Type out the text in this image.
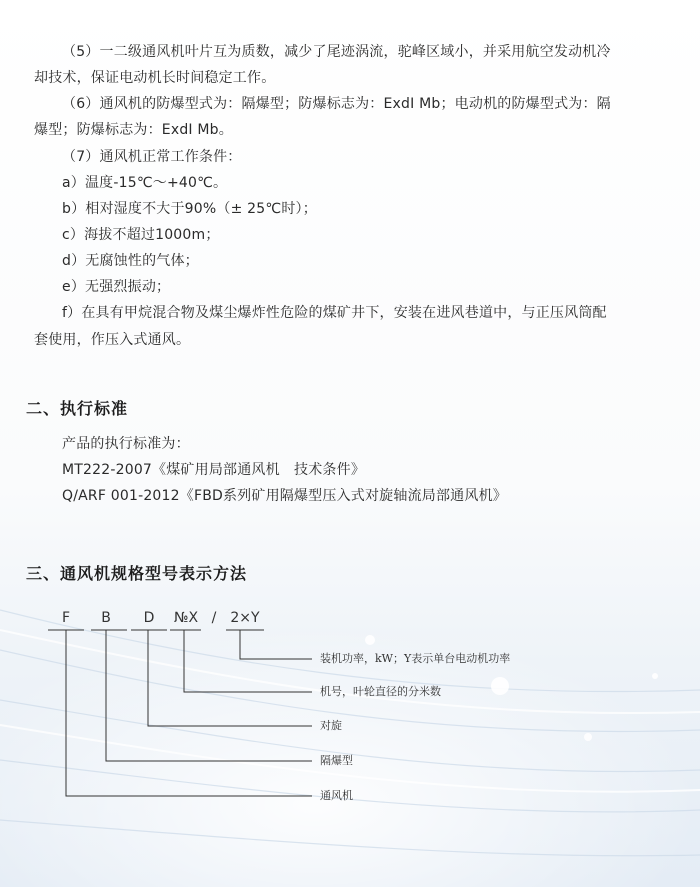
（5）一二级通风机叶片互为质数，减少了尾迹涡流，驼峰区域小，并采用航空发动机冷
却技术，保证电动机长时间稳定工作。
（6）通风机的防爆型式为：隔爆型；防爆标志为：ExdI Mb；电动机的防爆型式为：隔
爆型；防爆标志为：ExdI Mb。
（7）通风机正常工作条件：
a）温度-15℃～+40℃。
b）相对湿度不大于90%（± 25℃时）；
c）海拔不超过1000m；
d）无腐蚀性的气体；
e）无强烈振动；
f）在具有甲烷混合物及煤尘爆炸性危险的煤矿井下，安装在进风巷道中，与正压风筒配
套使用，作压入式通风。
二、执行标准
产品的执行标准为：
MT222-2007《煤矿用局部通风机　技术条件》
Q/ARF 001-2012《FBD系列矿用隔爆型压入式对旋轴流局部通风机》
三、通风机规格型号表示方法
F	B	D	№X /	2×Y
装机功率，kW；Y表示单台电动机功率
机号，叶轮直径的分米数
对旋
隔爆型
通风机
